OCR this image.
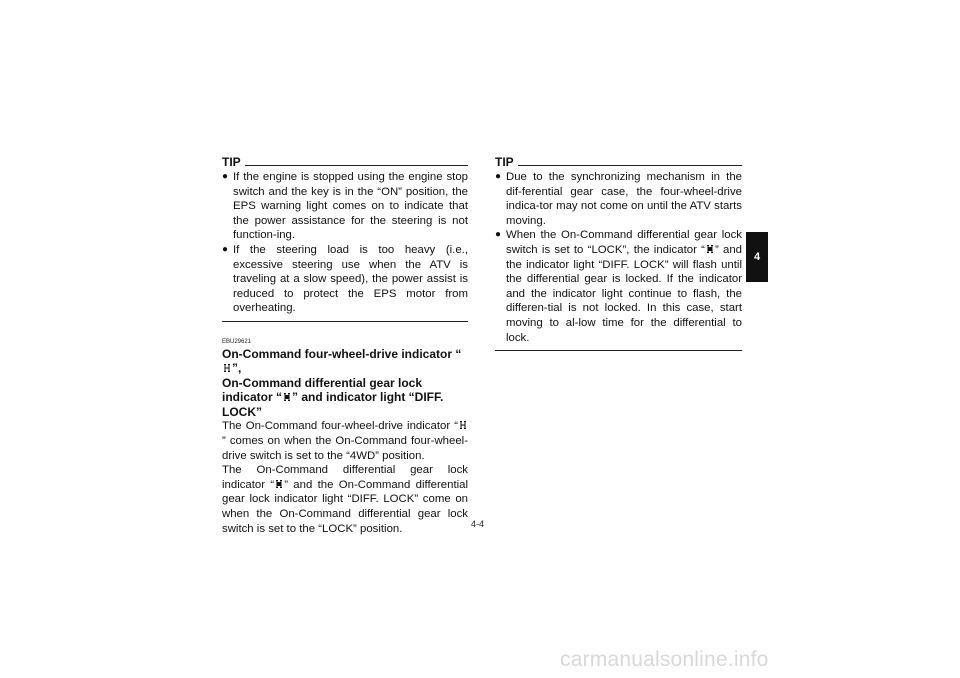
TIP
● If the engine is stopped using the engine stop switch and the key is in the “ON” position, the EPS warning light comes on to indicate that the power assistance for the steering is not function-ing.
● If the steering load is too heavy (i.e., excessive steering use when the ATV is traveling at a slow speed), the power assist is reduced to protect the EPS motor from overheating.
EBU29621
On-Command four-wheel-drive indicator “”,
On-Command differential gear lock
indicator “ ” and indicator light “DIFF.
LOCK”

The On-Command four-wheel-drive indicator “” comes on when the On-Command four-wheel-drive switch is set to the “4WD” position.

The On-Command differential gear lock
indicator “ ” and the On-Command differential gear lock indicator light “DIFF. LOCK” come on when the On-Command differential gear lock switch is set to the “LOCK” position.

TIP
● Due to the synchronizing mechanism in the dif-ferential gear case, the four-wheel-drive indica-tor may not come on until the ATV starts moving.
● When the On-Command differential gear lock switch is set to “LOCK”, the indicator “ ” and the indicator light “DIFF. LOCK” will flash until the differential gear is locked. If the indicator and the indicator light continue to flash, the differen-tial is not locked. In this case, start moving to al-low time for the differential to lock.
4
4-4
carmanualsonline.info
